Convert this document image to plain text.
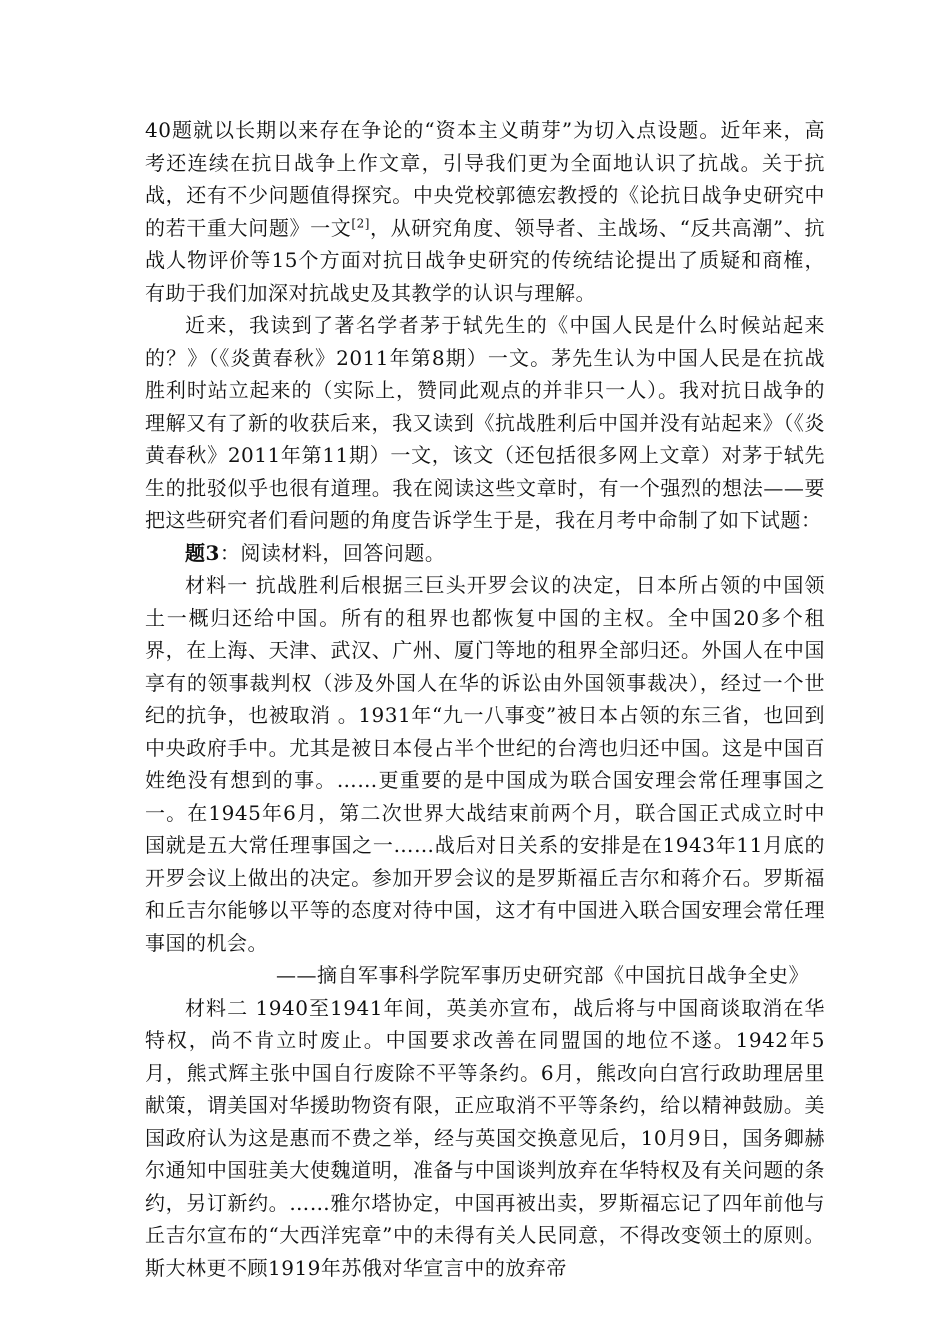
40题就以长期以来存在争论的“资本主义萌芽”为切入点设题。近年来，高考还连续在抗日战争上作文章，引导我们更为全面地认识了抗战。关于抗战，还有不少问题值得探究。中央党校郭德宏教授的《论抗日战争史研究中的若干重大问题》一文[2]，从研究角度、领导者、主战场、“反共高潮”、抗战人物评价等15个方面对抗日战争史研究的传统结论提出了质疑和商榷，有助于我们加深对抗战史及其教学的认识与理解。

近来，我读到了著名学者茅于轼先生的《中国人民是什么时候站起来的？》（《炎黄春秋》2011年第8期）一文。茅先生认为中国人民是在抗战胜利时站立起来的（实际上，赞同此观点的并非只一人）。我对抗日战争的理解又有了新的收获后来，我又读到《抗战胜利后中国并没有站起来》（《炎黄春秋》2011年第11期）一文，该文（还包括很多网上文章）对茅于轼先生的批驳似乎也很有道理。我在阅读这些文章时，有一个强烈的想法——要把这些研究者们看问题的角度告诉学生于是，我在月考中命制了如下试题：

题3：阅读材料，回答问题。

材料一 抗战胜利后根据三巨头开罗会议的决定，日本所占领的中国领土一概归还给中国。所有的租界也都恢复中国的主权。全中国20多个租界，在上海、天津、武汉、广州、厦门等地的租界全部归还。外国人在中国享有的领事裁判权（涉及外国人在华的诉讼由外国领事裁决），经过一个世纪的抗争，也被取消 。1931年“九一八事变”被日本占领的东三省，也回到中央政府手中。尤其是被日本侵占半个世纪的台湾也归还中国。这是中国百姓绝没有想到的事。……更重要的是中国成为联合国安理会常任理事国之一。在1945年6月，第二次世界大战结束前两个月，联合国正式成立时中国就是五大常任理事国之一……战后对日关系的安排是在1943年11月底的开罗会议上做出的决定。参加开罗会议的是罗斯福丘吉尔和蒋介石。罗斯福和丘吉尔能够以平等的态度对待中国，这才有中国进入联合国安理会常任理事国的机会。

——摘自军事科学院军事历史研究部《中国抗日战争全史》

材料二 1940至1941年间，英美亦宣布，战后将与中国商谈取消在华特权，尚不肯立时废止。中国要求改善在同盟国的地位不遂。1942年5月，熊式辉主张中国自行废除不平等条约。6月，熊改向白宫行政助理居里献策，谓美国对华援助物资有限，正应取消不平等条约，给以精神鼓励。美国政府认为这是惠而不费之举，经与英国交换意见后，10月9日，国务卿赫尔通知中国驻美大使魏道明，准备与中国谈判放弃在华特权及有关问题的条约，另订新约。……雅尔塔协定，中国再被出卖，罗斯福忘记了四年前他与丘吉尔宣布的“大西洋宪章”中的未得有关人民同意，不得改变领土的原则。斯大林更不顾1919年苏俄对华宣言中的放弃帝
